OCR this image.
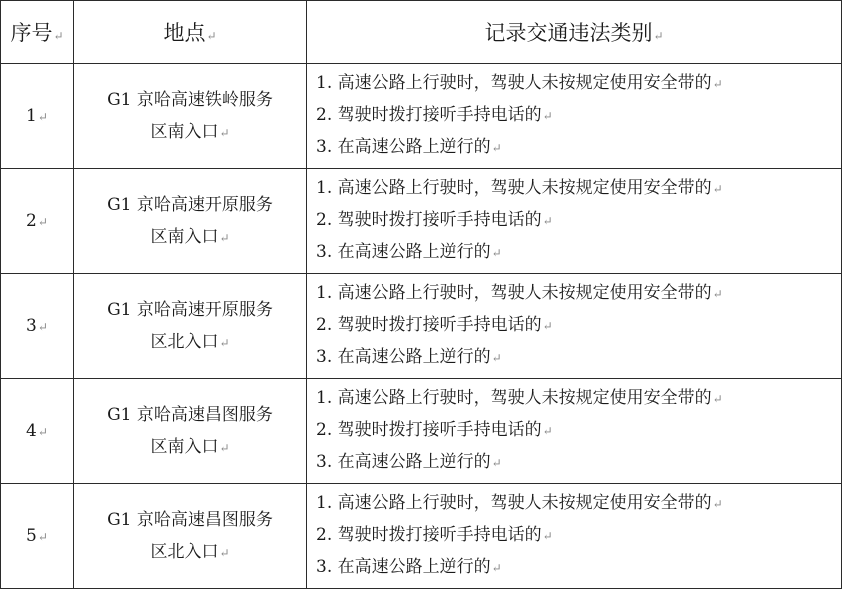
序号↵	地点↵	记录交通违法类别↵
1↵	G1 京哈高速铁岭服务
区南入口↵	1. 高速公路上行驶时，驾驶人未按规定使用安全带的↵
2. 驾驶时拨打接听手持电话的↵
3. 在高速公路上逆行的↵

2↵	G1 京哈高速开原服务
区南入口↵	1. 高速公路上行驶时，驾驶人未按规定使用安全带的↵
2. 驾驶时拨打接听手持电话的↵
3. 在高速公路上逆行的↵

3↵	G1 京哈高速开原服务
区北入口↵	1. 高速公路上行驶时，驾驶人未按规定使用安全带的↵
2. 驾驶时拨打接听手持电话的↵
3. 在高速公路上逆行的↵

4↵	G1 京哈高速昌图服务
区南入口↵	1. 高速公路上行驶时，驾驶人未按规定使用安全带的↵
2. 驾驶时拨打接听手持电话的↵
3. 在高速公路上逆行的↵

5↵	G1 京哈高速昌图服务
区北入口↵	1. 高速公路上行驶时，驾驶人未按规定使用安全带的↵
2. 驾驶时拨打接听手持电话的↵
3. 在高速公路上逆行的↵
